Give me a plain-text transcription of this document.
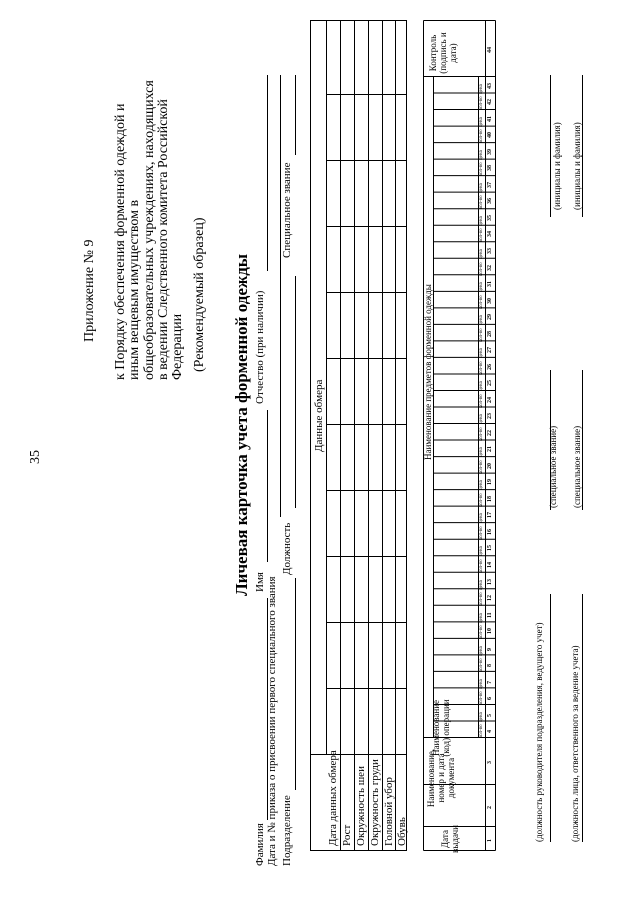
35
Приложение № 9 к Порядку обеспечения форменной одеждой и иным вещевым имуществом в общеобразовательных учреждениях, находящихся в ведении Следственного комитета Российской Федерации (Рекомендуемый образец) Личевая карточка учета форменной одежды
Фамилия
Имя
Отчество (при наличии)
Дата и № приказа о присвоении первого специального звания Подразделение
Должность
Специальное звание
Данные обмера
Дата данных обмера Рост Окружность шеи Окружность груди Головной убор Обувь	Дата выдачи
Наименование, номер и дата документа
Наименование (код) операции
Наименование предметов форменной одежды
Контроль (подпись и дата)
1
2
3
4
кол-во
5
цена
6
кол-во
7
цена
8
кол-во
9
цена
10
кол-во
11
цена
12
кол-во
13
цена
14
кол-во
15
цена
16
кол-во
17
цена
18
кол-во
19
цена
20
кол-во
21
цена
22
кол-во
23
цена
24
кол-во
25
цена
26
кол-во
27
цена
28
кол-во
29
цена
30
кол-во
31
цена
32
кол-во
33
цена
34
кол-во
35
цена
36
кол-во
37
цена
38
кол-во
39
цена
40
кол-во
41
цена
42
кол-во
43
цена
44
(должность руководителя подразделения, ведущего учет)
(специальное звание)
(инициалы и фамилия)
(должность лица, ответственного за ведение учета)
(специальное звание)
(инициалы и фамилия)
